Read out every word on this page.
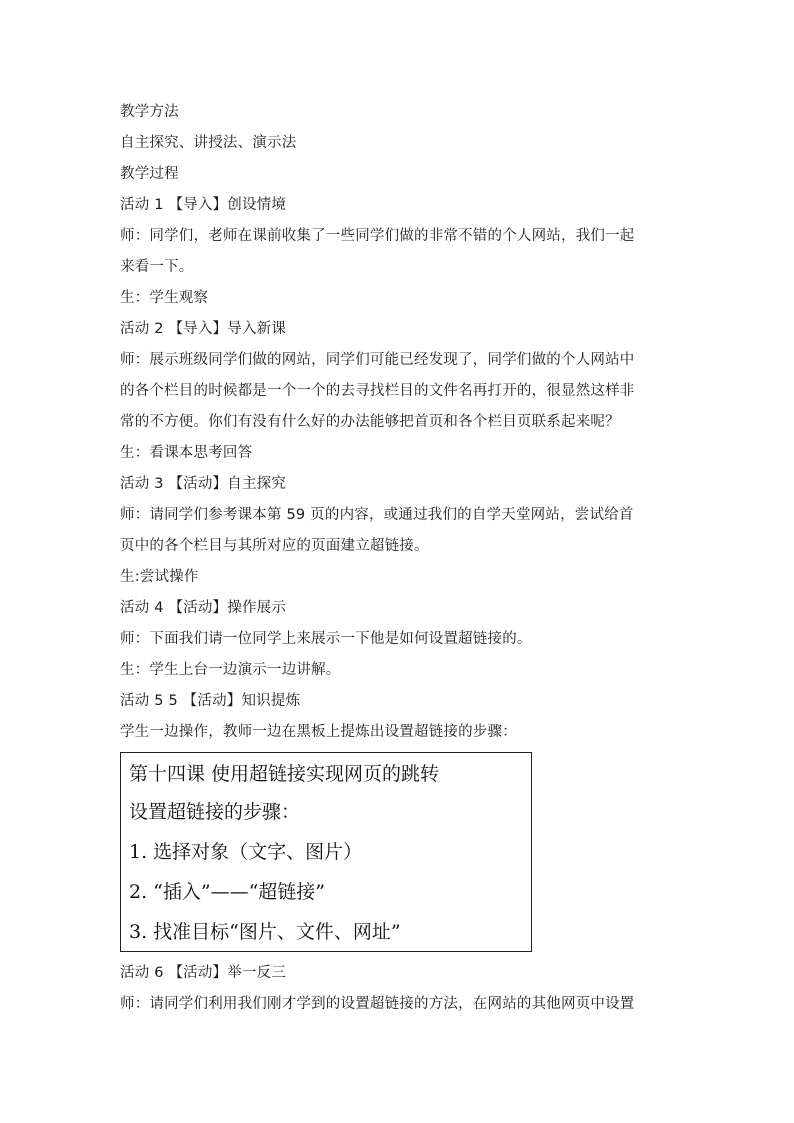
教学方法
自主探究、讲授法、演示法
教学过程
活动 1 【导入】创设情境
师：同学们，老师在课前收集了一些同学们做的非常不错的个人网站，我们一起
来看一下。
生：学生观察
活动 2 【导入】导入新课
师：展示班级同学们做的网站，同学们可能已经发现了，同学们做的个人网站中
的各个栏目的时候都是一个一个的去寻找栏目的文件名再打开的，很显然这样非
常的不方便。你们有没有什么好的办法能够把首页和各个栏目页联系起来呢？
生：看课本思考回答
活动 3 【活动】自主探究
师：请同学们参考课本第 59 页的内容，或通过我们的自学天堂网站，尝试给首
页中的各个栏目与其所对应的页面建立超链接。
生:尝试操作
活动 4 【活动】操作展示
师：下面我们请一位同学上来展示一下他是如何设置超链接的。
生：学生上台一边演示一边讲解。
活动 5 5 【活动】知识提炼
学生一边操作，教师一边在黑板上提炼出设置超链接的步骤：
第十四课 使用超链接实现网页的跳转
设置超链接的步骤：
1. 选择对象（文字、图片）
2. “插入”——“超链接”
3. 找准目标“图片、文件、网址”
活动 6 【活动】举一反三
师：请同学们利用我们刚才学到的设置超链接的方法，在网站的其他网页中设置
